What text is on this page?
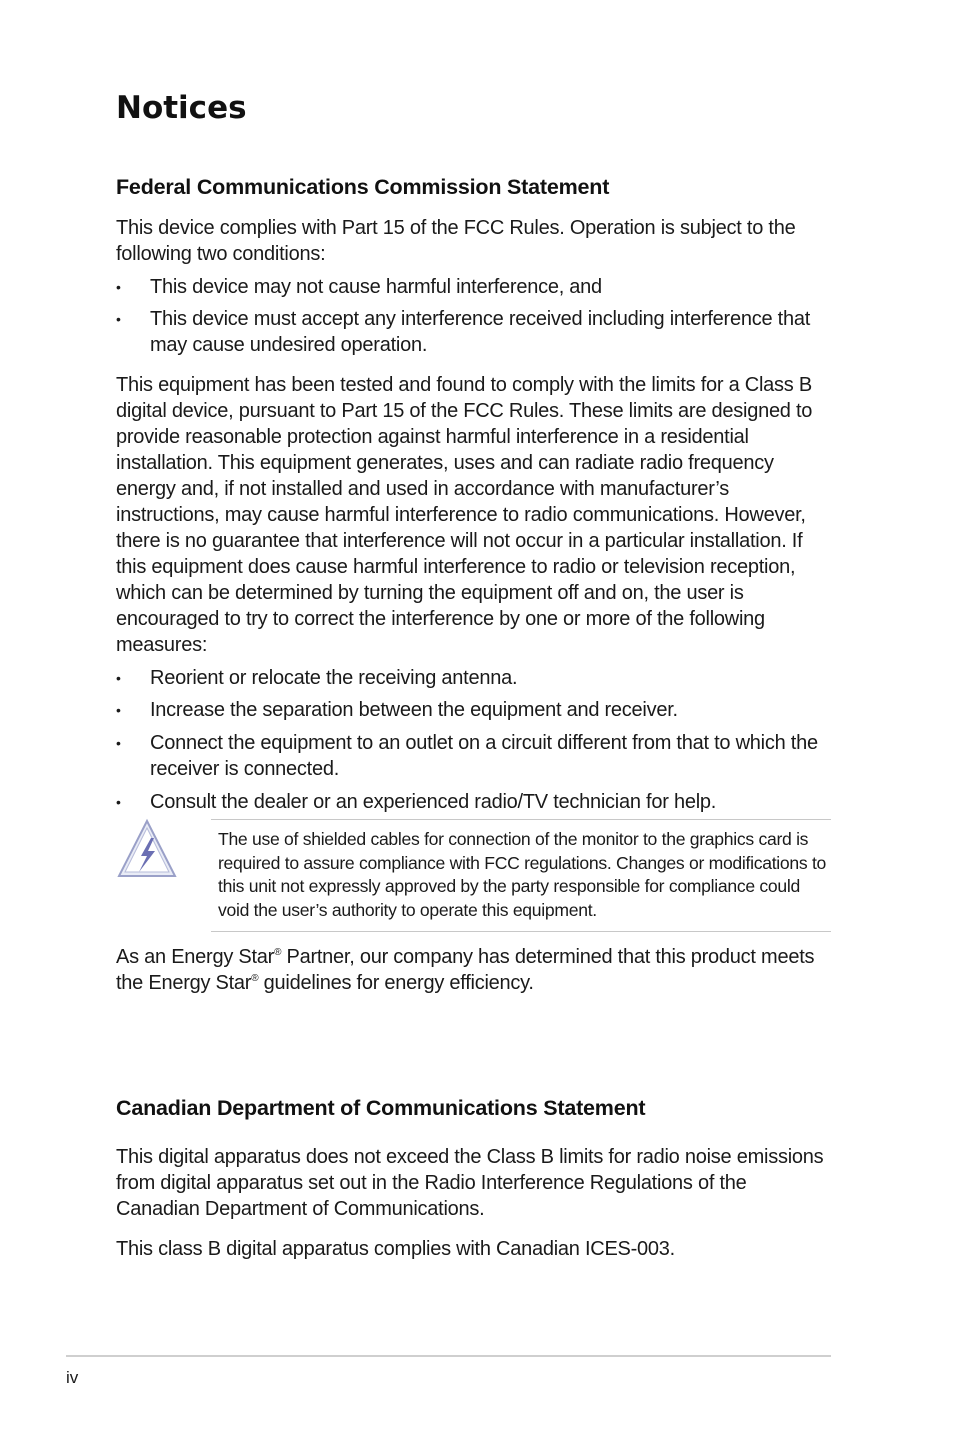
Notices
Federal Communications Commission Statement

This device complies with Part 15 of the FCC Rules. Operation is subject to the following two conditions:

•	This device may not cause harmful interference, and
•	This device must accept any interference received including interference that may cause undesired operation.

This equipment has been tested and found to comply with the limits for a Class B digital device, pursuant to Part 15 of the FCC Rules. These limits are designed to provide reasonable protection against harmful interference in a residential installation. This equipment generates, uses and can radiate radio frequency energy and, if not installed and used in accordance with manufacturer’s instructions, may cause harmful interference to radio communications. However, there is no guarantee that interference will not occur in a particular installation. If this equipment does cause harmful interference to radio or television reception, which can be determined by turning the equipment off and on, the user is encouraged to try to correct the interference by one or more of the following measures:

•	Reorient or relocate the receiving antenna.
•	Increase the separation between the equipment and receiver.
•	Connect the equipment to an outlet on a circuit different from that to which the receiver is connected.
•	Consult the dealer or an experienced radio/TV technician for help.

The use of shielded cables for connection of the monitor to the graphics card is required to assure compliance with FCC regulations. Changes or modifications to this unit not expressly approved by the party responsible for compliance could void the user’s authority to operate this equipment.

As an Energy Star® Partner, our company has determined that this product meets the Energy Star® guidelines for energy efficiency.

Canadian Department of Communications Statement

This digital apparatus does not exceed the Class B limits for radio noise emissions from digital apparatus set out in the Radio Interference Regulations of the Canadian Department of Communications.

This class B digital apparatus complies with Canadian ICES-003.

iv
